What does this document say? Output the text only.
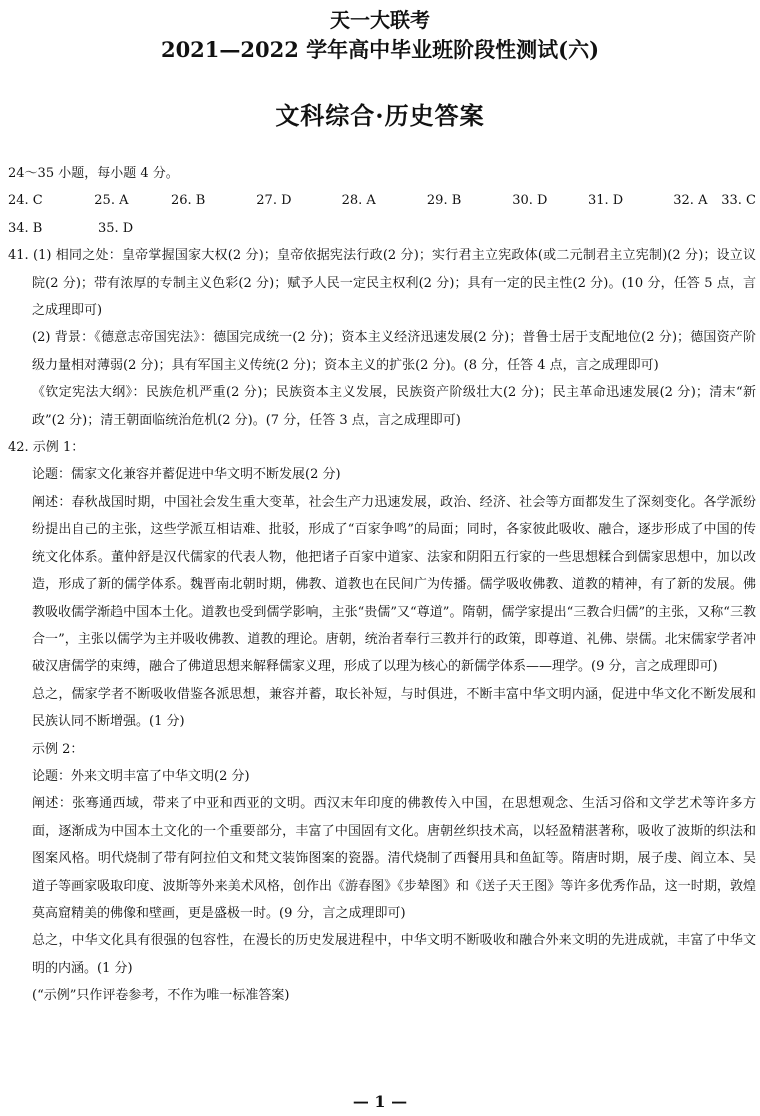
天一大联考
2021—2022 学年高中毕业班阶段性测试(六)
文科综合·历史答案

24～35 小题，每小题 4 分。

24. C	25. A	26. B	27. D	28. A	29. B	30. D	31. D	32. A	33. C
34. B	35. D

41. (1) 相同之处：皇帝掌握国家大权(2 分)；皇帝依据宪法行政(2 分)；实行君主立宪政体(或二元制君主立宪制)(2 分)；设立议院(2 分)；带有浓厚的专制主义色彩(2 分)；赋予人民一定民主权利(2 分)；具有一定的民主性(2 分)。(10 分，任答 5 点，言之成理即可)

(2) 背景：《德意志帝国宪法》：德国完成统一(2 分)；资本主义经济迅速发展(2 分)；普鲁士居于支配地位(2 分)；德国资产阶级力量相对薄弱(2 分)；具有军国主义传统(2 分)；资本主义的扩张(2 分)。(8 分，任答 4 点，言之成理即可)

《钦定宪法大纲》：民族危机严重(2 分)；民族资本主义发展，民族资产阶级壮大(2 分)；民主革命迅速发展(2 分)；清末“新政”(2 分)；清王朝面临统治危机(2 分)。(7 分，任答 3 点，言之成理即可)

42. 示例 1：

论题：儒家文化兼容并蓄促进中华文明不断发展(2 分)

阐述：春秋战国时期，中国社会发生重大变革，社会生产力迅速发展，政治、经济、社会等方面都发生了深刻变化。各学派纷纷提出自己的主张，这些学派互相诘难、批驳，形成了“百家争鸣”的局面；同时，各家彼此吸收、融合，逐步形成了中国的传统文化体系。董仲舒是汉代儒家的代表人物，他把诸子百家中道家、法家和阴阳五行家的一些思想糅合到儒家思想中，加以改造，形成了新的儒学体系。魏晋南北朝时期，佛教、道教也在民间广为传播。儒学吸收佛教、道教的精神，有了新的发展。佛教吸收儒学渐趋中国本土化。道教也受到儒学影响，主张“贵儒”又“尊道”。隋朝，儒学家提出“三教合归儒”的主张，又称“三教合一”，主张以儒学为主并吸收佛教、道教的理论。唐朝，统治者奉行三教并行的政策，即尊道、礼佛、崇儒。北宋儒家学者冲破汉唐儒学的束缚，融合了佛道思想来解释儒家义理，形成了以理为核心的新儒学体系——理学。(9 分，言之成理即可)

总之，儒家学者不断吸收借鉴各派思想，兼容并蓄，取长补短，与时俱进，不断丰富中华文明内涵，促进中华文化不断发展和民族认同不断增强。(1 分)

示例 2：

论题：外来文明丰富了中华文明(2 分)

阐述：张骞通西域，带来了中亚和西亚的文明。西汉末年印度的佛教传入中国，在思想观念、生活习俗和文学艺术等许多方面，逐渐成为中国本土文化的一个重要部分，丰富了中国固有文化。唐朝丝织技术高，以轻盈精湛著称，吸收了波斯的织法和图案风格。明代烧制了带有阿拉伯文和梵文装饰图案的瓷器。清代烧制了西餐用具和鱼缸等。隋唐时期，展子虔、阎立本、吴道子等画家吸取印度、波斯等外来美术风格，创作出《游春图》《步辇图》和《送子天王图》等许多优秀作品，这一时期，敦煌莫高窟精美的佛像和壁画，更是盛极一时。(9 分，言之成理即可)

总之，中华文化具有很强的包容性，在漫长的历史发展进程中，中华文明不断吸收和融合外来文明的先进成就，丰富了中华文明的内涵。(1 分)

(“示例”只作评卷参考，不作为唯一标准答案)

— 1 —
